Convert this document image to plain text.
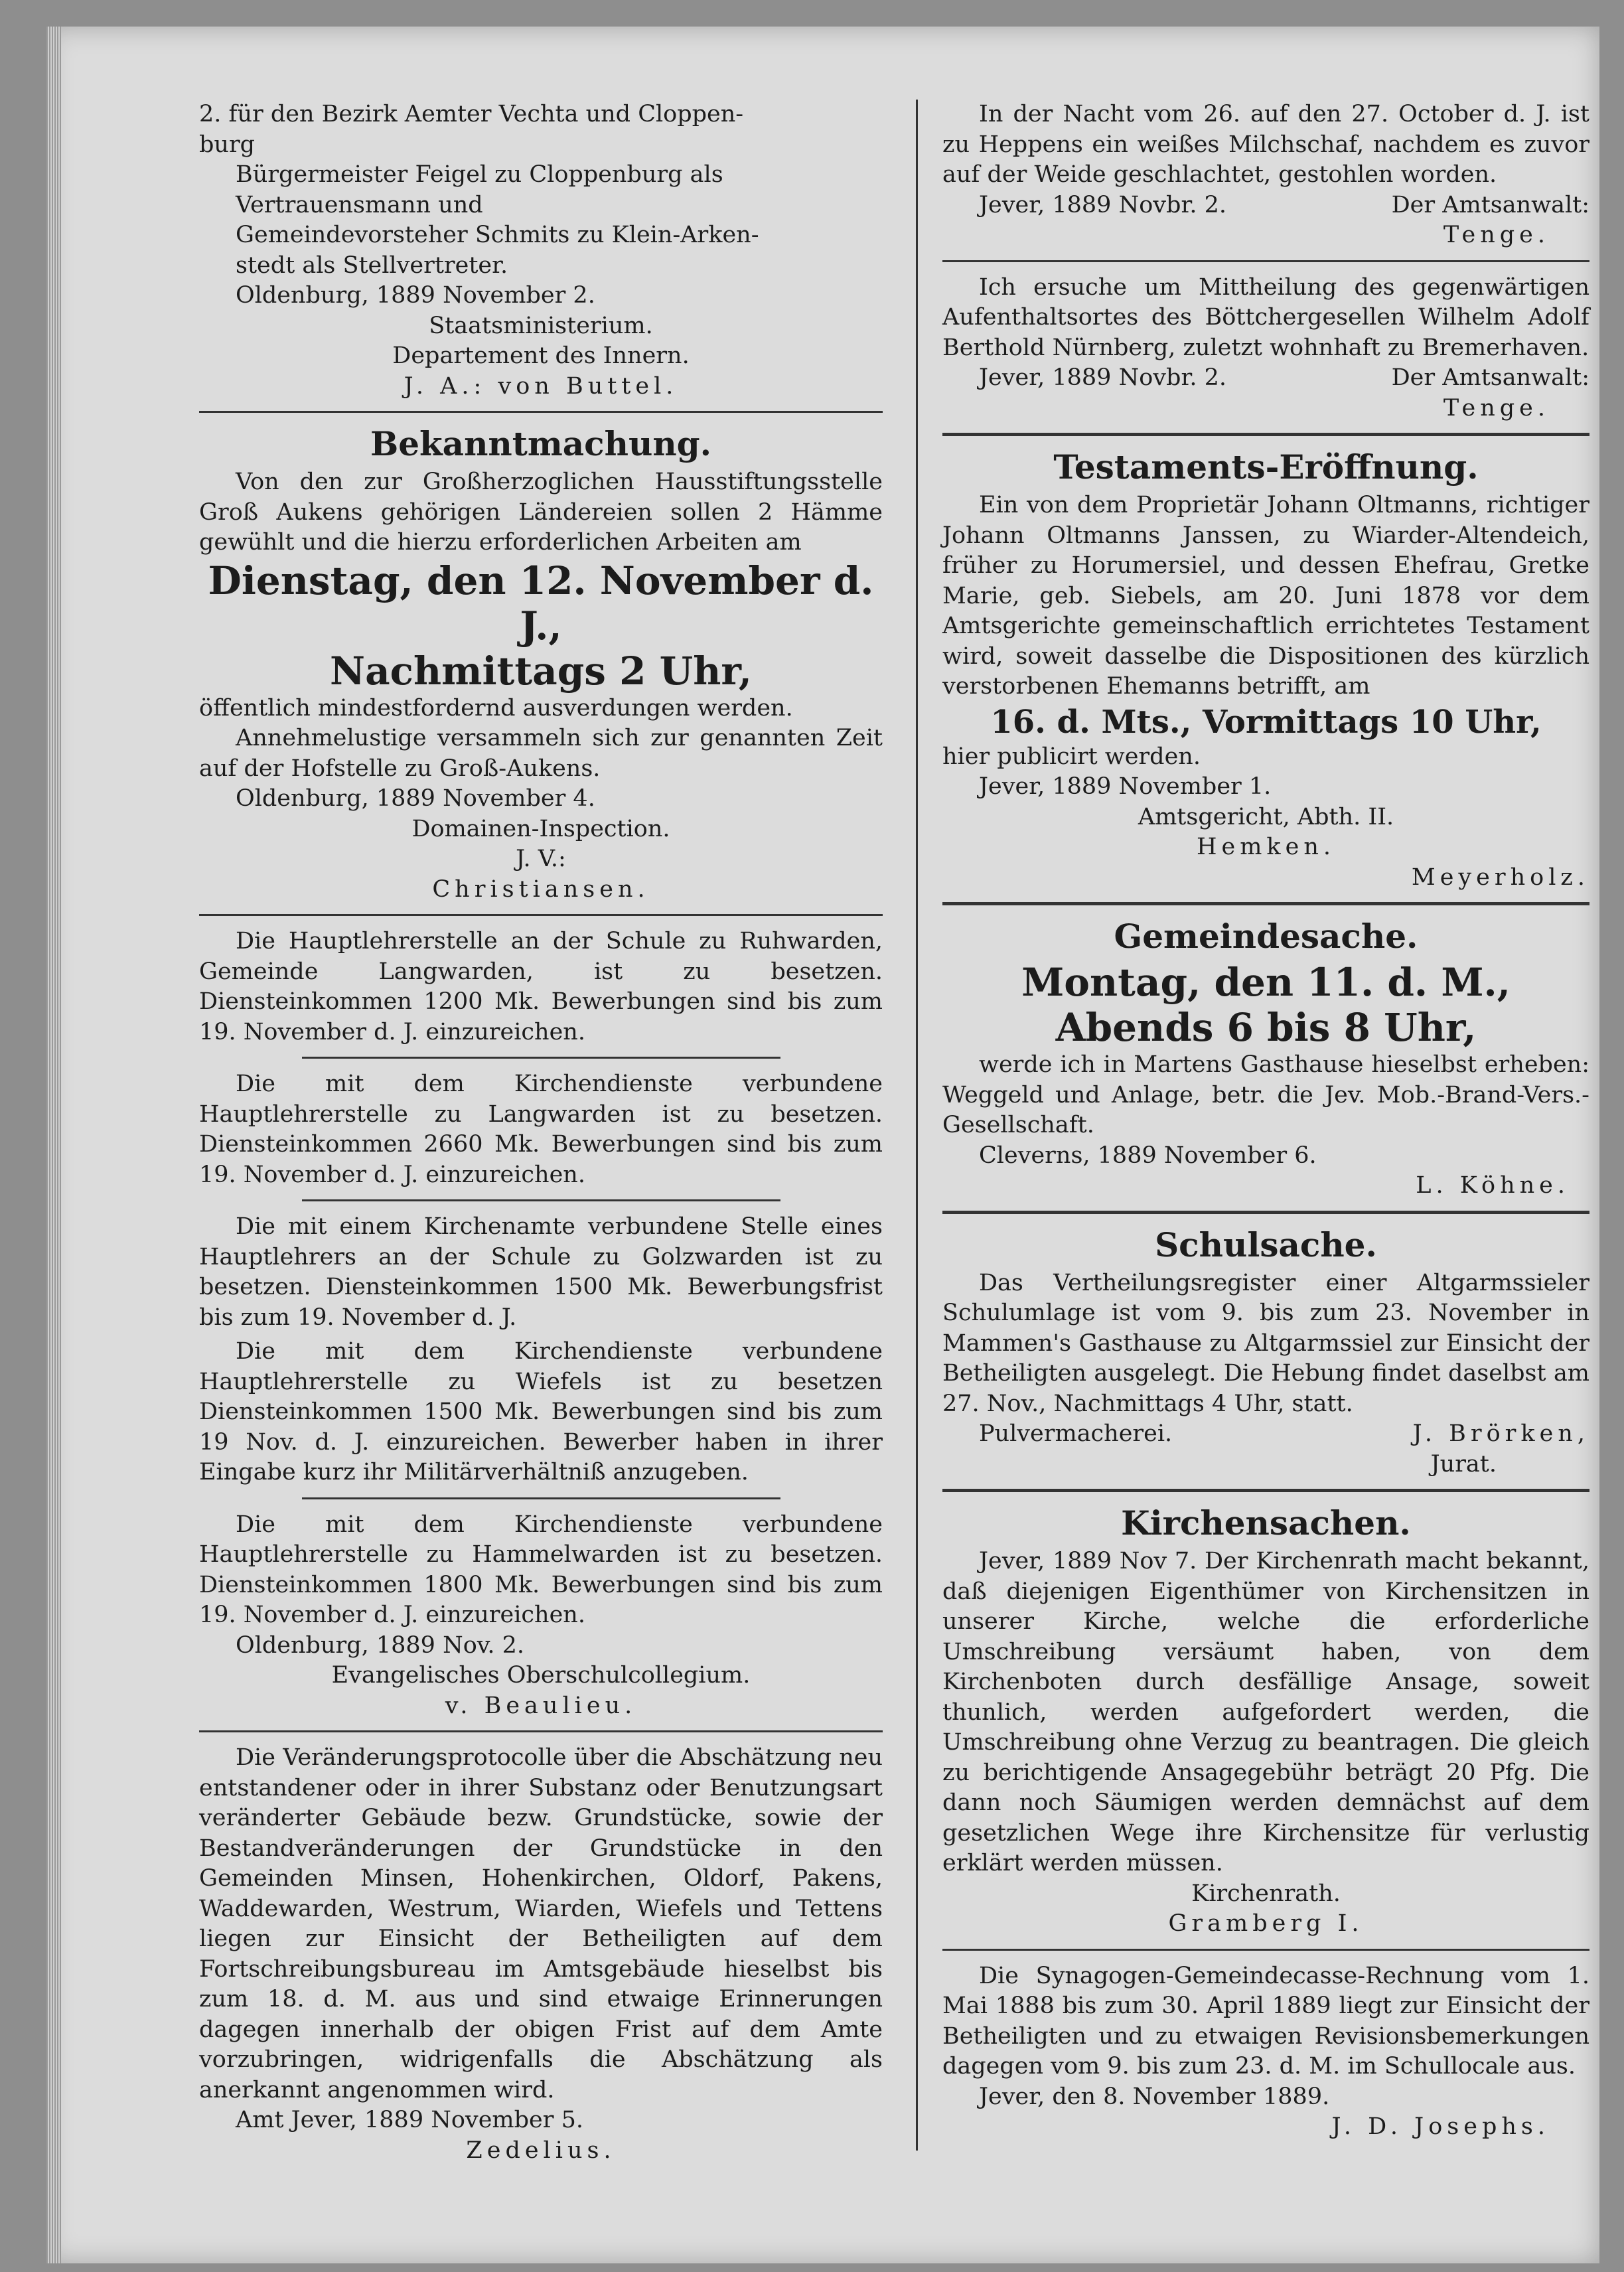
2. für den Bezirk Aemter Vechta und Cloppen-

burg

Bürgermeister Feigel zu Cloppenburg als

Vertrauensmann und

Gemeindevorsteher Schmits zu Klein-Arken-

stedt als Stellvertreter.

Oldenburg, 1889 November 2.

Staatsministerium.

Departement des Innern.

J. A.: von Buttel.

Bekanntmachung.

Von den zur Großherzoglichen Hausstiftungsstelle Groß Aukens gehörigen Ländereien sollen 2 Hämme gewühlt und die hierzu erforderlichen Arbeiten am

Dienstag, den 12. November d. J.,

Nachmittags 2 Uhr,

öffentlich mindestfordernd ausverdungen werden.

Annehmelustige versammeln sich zur genannten Zeit auf der Hofstelle zu Groß-Aukens.

Oldenburg, 1889 November 4.

Domainen-Inspection.

J. V.:

Christiansen.

Die Hauptlehrerstelle an der Schule zu Ruhwarden, Gemeinde Langwarden, ist zu besetzen. Diensteinkommen 1200 Mk. Bewerbungen sind bis zum 19. November d. J. einzureichen.

Die mit dem Kirchendienste verbundene Hauptlehrerstelle zu Langwarden ist zu besetzen. Diensteinkommen 2660 Mk. Bewerbungen sind bis zum 19. November d. J. einzureichen.

Die mit einem Kirchenamte verbundene Stelle eines Hauptlehrers an der Schule zu Golzwarden ist zu besetzen. Diensteinkommen 1500 Mk. Bewerbungsfrist bis zum 19. November d. J.

Die mit dem Kirchendienste verbundene Hauptlehrerstelle zu Wiefels ist zu besetzen Diensteinkommen 1500 Mk. Bewerbungen sind bis zum 19 Nov. d. J. einzureichen. Bewerber haben in ihrer Eingabe kurz ihr Militärverhältniß anzugeben.

Die mit dem Kirchendienste verbundene Hauptlehrerstelle zu Hammelwarden ist zu besetzen. Diensteinkommen 1800 Mk. Bewerbungen sind bis zum 19. November d. J. einzureichen.

Oldenburg, 1889 Nov. 2.

Evangelisches Oberschulcollegium.

v. Beaulieu.

Die Veränderungsprotocolle über die Abschätzung neu entstandener oder in ihrer Substanz oder Benutzungsart veränderter Gebäude bezw. Grundstücke, sowie der Bestandveränderungen der Grundstücke in den Gemeinden Minsen, Hohenkirchen, Oldorf, Pakens, Waddewarden, Westrum, Wiarden, Wiefels und Tettens liegen zur Einsicht der Betheiligten auf dem Fortschreibungsbureau im Amtsgebäude hieselbst bis zum 18. d. M. aus und sind etwaige Erinnerungen dagegen innerhalb der obigen Frist auf dem Amte vorzubringen, widrigenfalls die Abschätzung als anerkannt angenommen wird.

Amt Jever, 1889 November 5.

Zedelius.

In der Nacht vom 26. auf den 27. October d. J. ist zu Heppens ein weißes Milchschaf, nachdem es zuvor auf der Weide geschlachtet, gestohlen worden.

Jever, 1889 Novbr. 2.	Der Amtsanwalt:

Tenge.

Ich ersuche um Mittheilung des gegenwärtigen Aufenthaltsortes des Böttchergesellen Wilhelm Adolf Berthold Nürnberg, zuletzt wohnhaft zu Bremerhaven.

Jever, 1889 Novbr. 2.	Der Amtsanwalt:

Tenge.

Testaments-Eröffnung.

Ein von dem Proprietär Johann Oltmanns, richtiger Johann Oltmanns Janssen, zu Wiarder-Altendeich, früher zu Horumersiel, und dessen Ehefrau, Gretke Marie, geb. Siebels, am 20. Juni 1878 vor dem Amtsgerichte gemeinschaftlich errichtetes Testament wird, soweit dasselbe die Dispositionen des kürzlich verstorbenen Ehemanns betrifft, am

16. d. Mts., Vormittags 10 Uhr,

hier publicirt werden.

Jever, 1889 November 1.

Amtsgericht, Abth. II.

Hemken.

Meyerholz.

Gemeindesache.

Montag, den 11. d. M.,

Abends 6 bis 8 Uhr,

werde ich in Martens Gasthause hieselbst erheben: Weggeld und Anlage, betr. die Jev. Mob.-Brand-Vers.-Gesellschaft.

Cleverns, 1889 November 6.

L. Köhne.

Schulsache.

Das Vertheilungsregister einer Altgarmssieler Schulumlage ist vom 9. bis zum 23. November in Mammen's Gasthause zu Altgarmssiel zur Einsicht der Betheiligten ausgelegt. Die Hebung findet daselbst am 27. Nov., Nachmittags 4 Uhr, statt.

Pulvermacherei.	J. Brörken,

Jurat.

Kirchensachen.

Jever, 1889 Nov 7. Der Kirchenrath macht bekannt, daß diejenigen Eigenthümer von Kirchensitzen in unserer Kirche, welche die erforderliche Umschreibung versäumt haben, von dem Kirchenboten durch desfällige Ansage, soweit thunlich, werden aufgefordert werden, die Umschreibung ohne Verzug zu beantragen. Die gleich zu berichtigende Ansagegebühr beträgt 20 Pfg. Die dann noch Säumigen werden demnächst auf dem gesetzlichen Wege ihre Kirchensitze für verlustig erklärt werden müssen.

Kirchenrath.

Gramberg I.

Die Synagogen-Gemeindecasse-Rechnung vom 1. Mai 1888 bis zum 30. April 1889 liegt zur Einsicht der Betheiligten und zu etwaigen Revisionsbemerkungen dagegen vom 9. bis zum 23. d. M. im Schullocale aus.

Jever, den 8. November 1889.

J. D. Josephs.
